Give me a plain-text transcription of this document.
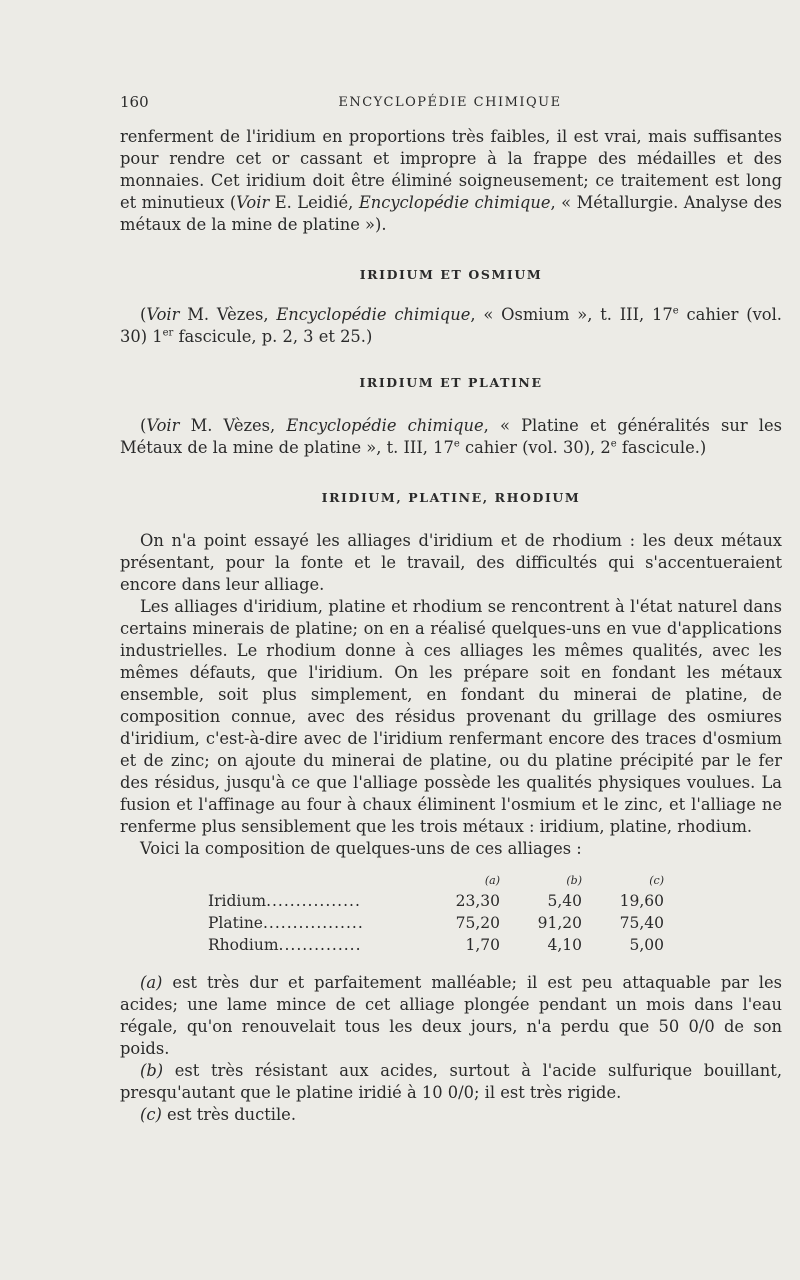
160	ENCYCLOPÉDIE CHIMIQUE

renferment de l'iridium en proportions très faibles, il est vrai, mais suffisantes pour rendre cet or cassant et impropre à la frappe des médailles et des monnaies. Cet iridium doit être éliminé soigneusement; ce traitement est long et minutieux (Voir E. Leidié, Encyclopédie chimique, « Métallurgie. Analyse des métaux de la mine de platine »).

IRIDIUM ET OSMIUM

(Voir M. Vèzes, Encyclopédie chimique, « Osmium », t. III, 17e cahier (vol. 30) 1er fascicule, p. 2, 3 et 25.)

IRIDIUM ET PLATINE

(Voir M. Vèzes, Encyclopédie chimique, « Platine et généralités sur les Métaux de la mine de platine », t. III, 17e cahier (vol. 30), 2e fascicule.)

IRIDIUM, PLATINE, RHODIUM

On n'a point essayé les alliages d'iridium et de rhodium : les deux métaux présentant, pour la fonte et le travail, des difficultés qui s'accentueraient encore dans leur alliage.

Les alliages d'iridium, platine et rhodium se rencontrent à l'état naturel dans certains minerais de platine; on en a réalisé quelques-uns en vue d'applications industrielles. Le rhodium donne à ces alliages les mêmes qualités, avec les mêmes défauts, que l'iridium. On les prépare soit en fondant les métaux ensemble, soit plus simplement, en fondant du minerai de platine, de composition connue, avec des résidus provenant du grillage des osmiures d'iridium, c'est-à-dire avec de l'iridium renfermant encore des traces d'osmium et de zinc; on ajoute du minerai de platine, ou du platine précipité par le fer des résidus, jusqu'à ce que l'alliage possède les qualités physiques voulues. La fusion et l'affinage au four à chaux éliminent l'osmium et le zinc, et l'alliage ne renferme plus sensiblement que les trois métaux : iridium, platine, rhodium.

Voici la composition de quelques-uns de ces alliages :

	(a)	(b)	(c)
Iridium................	23,30	5,40	19,60
Platine.................	75,20	91,20	75,40
Rhodium..............	1,70	4,10	5,00

(a) est très dur et parfaitement malléable; il est peu attaquable par les acides; une lame mince de cet alliage plongée pendant un mois dans l'eau régale, qu'on renouvelait tous les deux jours, n'a perdu que 50 0/0 de son poids.

(b) est très résistant aux acides, surtout à l'acide sulfurique bouillant, presqu'autant que le platine iridié à 10 0/0; il est très rigide.

(c) est très ductile.
